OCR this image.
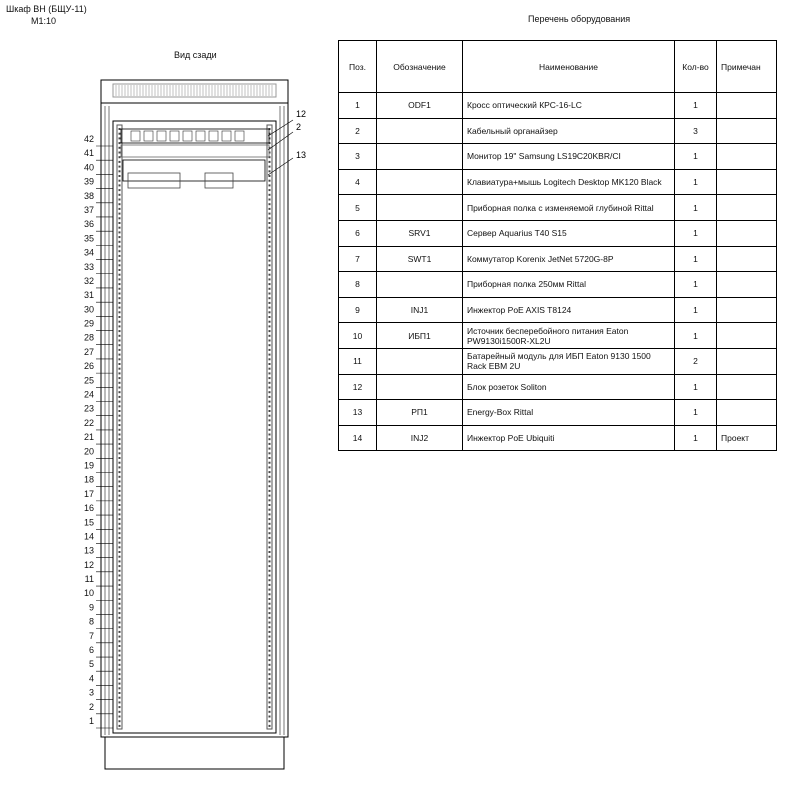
Шкаф ВН (БЩУ-11)
M1:10
Вид сзади
Перечень оборудования
42
41
40
39
38
37
36
35
34
33
32
31
30
29
28
27
26
25
24
23
22
21
20
19
18
17
16
15
14
13
12
11
10
9
8
7
6
5
4
3
2
1
12
2
13
Поз.	Обозначение	Наименование	Кол-во	Примечан
1	ODF1	Кросс оптический КРС-16-LC	1	
2		Кабельный органайзер	3	
3		Монитор 19" Samsung LS19C20KBR/CI	1	
4		Клавиатура+мышь Logitech Desktop MK120 Black	1	
5		Приборная полка с изменяемой глубиной Rittal	1	
6	SRV1	Сервер Aquarius T40 S15	1	
7	SWT1	Коммутатор Korenix JetNet 5720G-8P	1	
8		Приборная полка 250мм Rittal	1	
9	INJ1	Инжектор PoE AXIS T8124	1	
10	ИБП1	Источник бесперебойного питания Eaton PW9130i1500R-XL2U	1	
11		Батарейный модуль для ИБП Eaton 9130 1500 Rack EBM 2U	2	
12		Блок розеток Soliton	1	
13	РП1	Energy-Box Rittal	1	
14	INJ2	Инжектор PoE Ubiquiti	1	Проект
